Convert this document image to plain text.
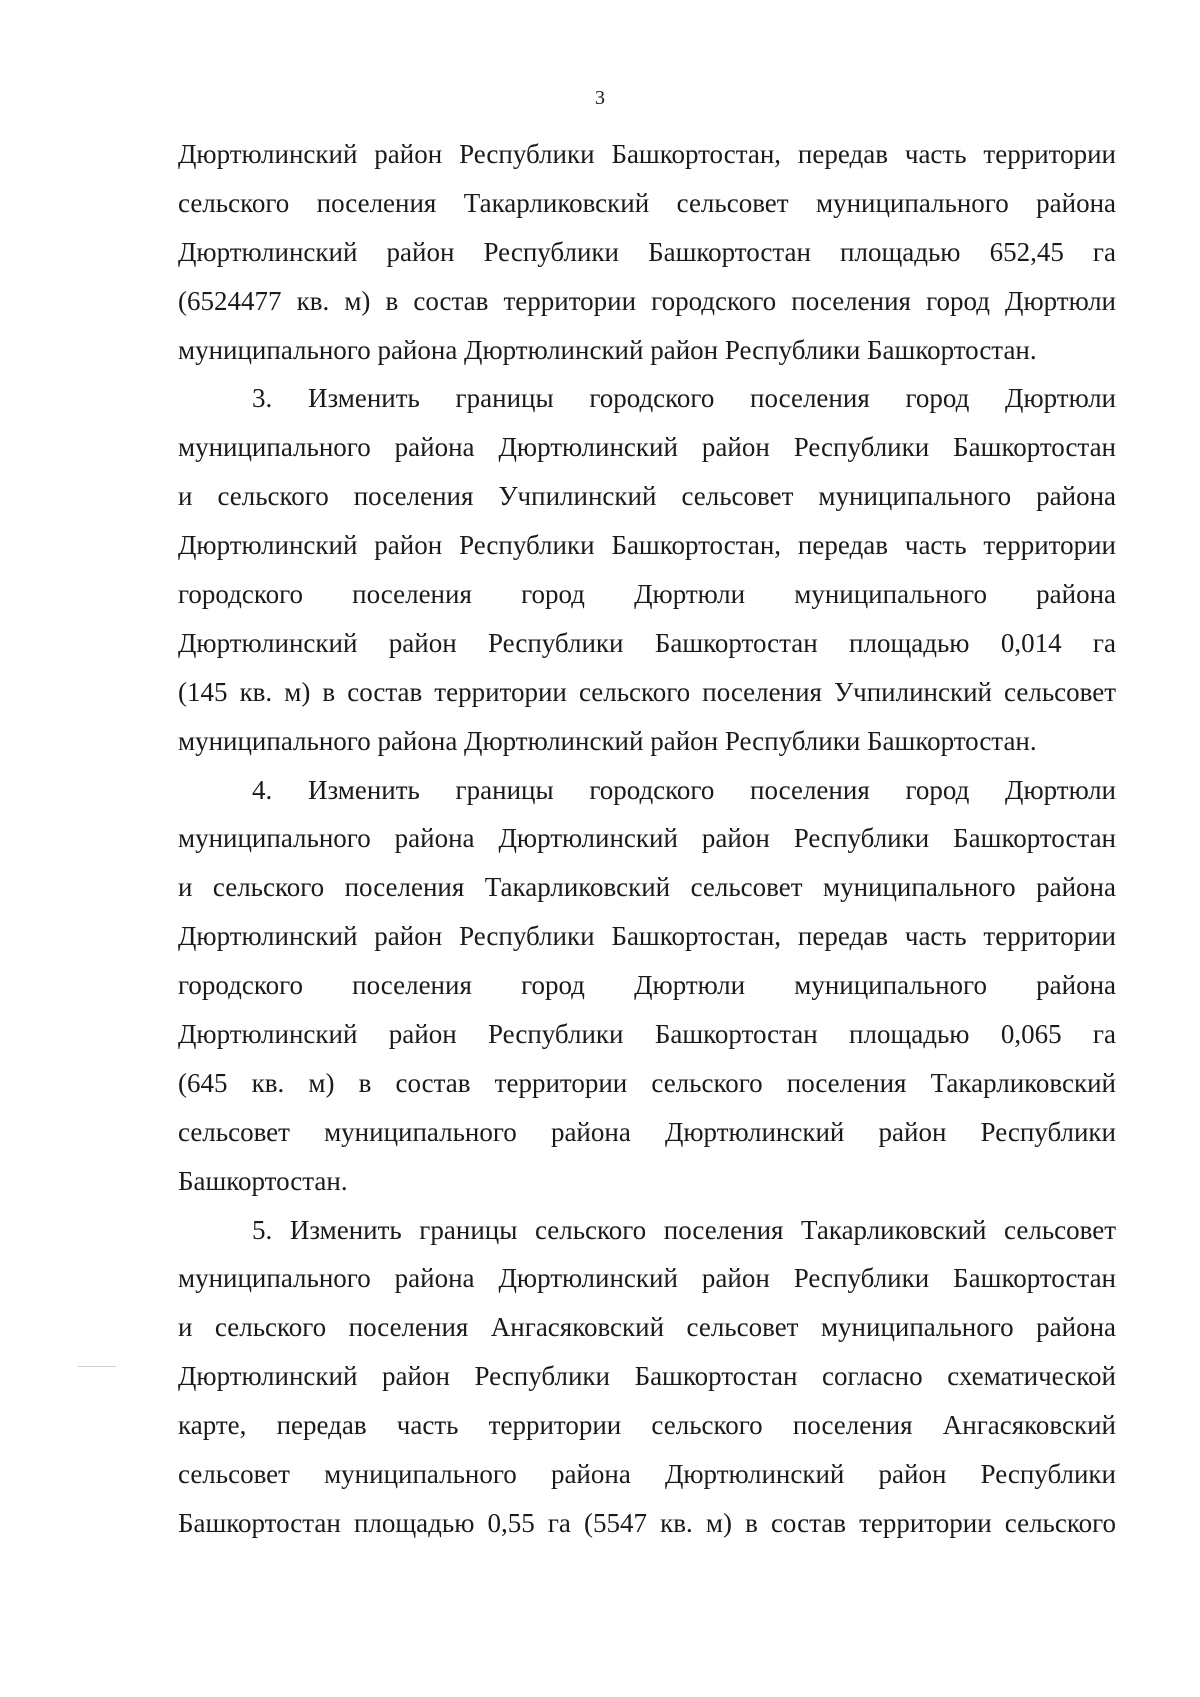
3
Дюртюлинский район Республики Башкортостан, передав часть территории
сельского поселения Такарликовский сельсовет муниципального района
Дюртюлинский район Республики Башкортостан площадью 652,45 га
(6524477 кв. м) в состав территории городского поселения город Дюртюли
муниципального района Дюртюлинский район Республики Башкортостан.
3. Изменить границы городского поселения город Дюртюли
муниципального района Дюртюлинский район Республики Башкортостан
и сельского поселения Учпилинский сельсовет муниципального района
Дюртюлинский район Республики Башкортостан, передав часть территории
городского поселения город Дюртюли муниципального района
Дюртюлинский район Республики Башкортостан площадью 0,014 га
(145 кв. м) в состав территории сельского поселения Учпилинский сельсовет
муниципального района Дюртюлинский район Республики Башкортостан.
4. Изменить границы городского поселения город Дюртюли
муниципального района Дюртюлинский район Республики Башкортостан
и сельского поселения Такарликовский сельсовет муниципального района
Дюртюлинский район Республики Башкортостан, передав часть территории
городского поселения город Дюртюли муниципального района
Дюртюлинский район Республики Башкортостан площадью 0,065 га
(645 кв. м) в состав территории сельского поселения Такарликовский
сельсовет муниципального района Дюртюлинский район Республики
Башкортостан.
5. Изменить границы сельского поселения Такарликовский сельсовет
муниципального района Дюртюлинский район Республики Башкортостан
и сельского поселения Ангасяковский сельсовет муниципального района
Дюртюлинский район Республики Башкортостан согласно схематической
карте, передав часть территории сельского поселения Ангасяковский
сельсовет муниципального района Дюртюлинский район Республики
Башкортостан площадью 0,55 га (5547 кв. м) в состав территории сельского
